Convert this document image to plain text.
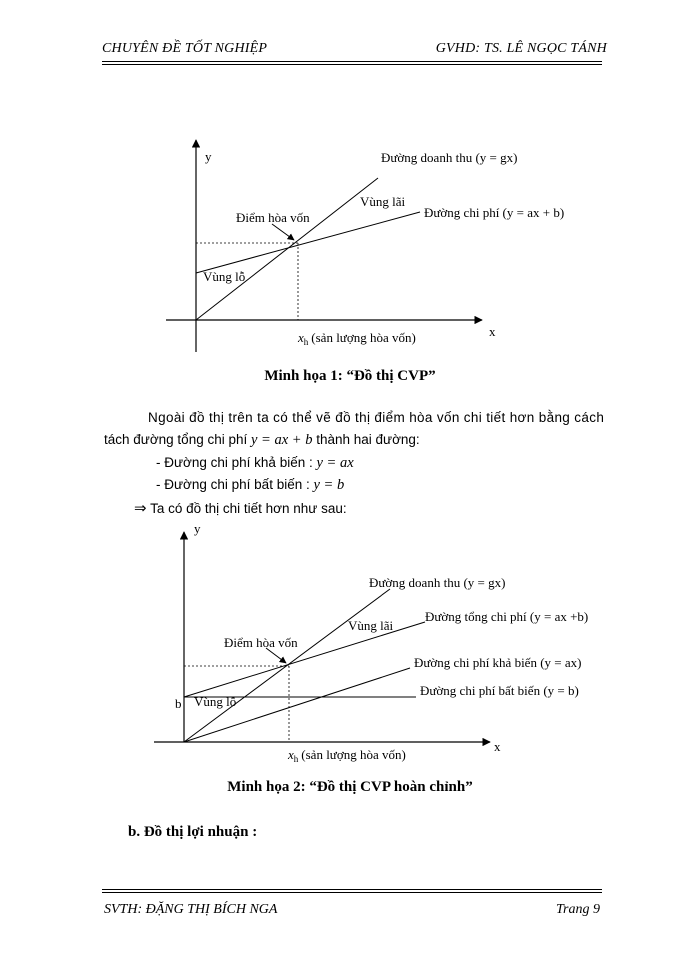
CHUYÊN ĐỀ TỐT NGHIỆP	GVHD: TS. LÊ NGỌC TÁNH
y
x
Đường doanh thu (y = gx)
Vùng lãi
Điểm hòa vốn	Đường chi phí (y = ax + b)
Vùng lỗ
$x_h$ (sản lượng hòa vốn)
y
x
b
Đường doanh thu (y = gx)
Vùng lãi
Đường tổng chi phí (y = ax +b)
Điểm hòa vốn
Đường chi phí khả biến (y = ax)
Đường chi phí bất biến (y = b)
Vùng lỗ
$x_h$ (sản lượng hòa vốn)
Minh họa 1: “Đồ thị CVP”
Ngoài đồ thị trên ta có thể vẽ đồ thị điểm hòa vốn chi tiết hơn bằng cách
tách đường tổng chi phí y = ax + b thành hai đường:
- Đường chi phí khả biến : y = ax
- Đường chi phí bất biến : y = b
⇒ Ta có đồ thị chi tiết hơn như sau:
Minh họa 2: “Đồ thị CVP hoàn chỉnh”
b. Đồ thị lợi nhuận :
SVTH: ĐẶNG THỊ BÍCH NGA	Trang 9
